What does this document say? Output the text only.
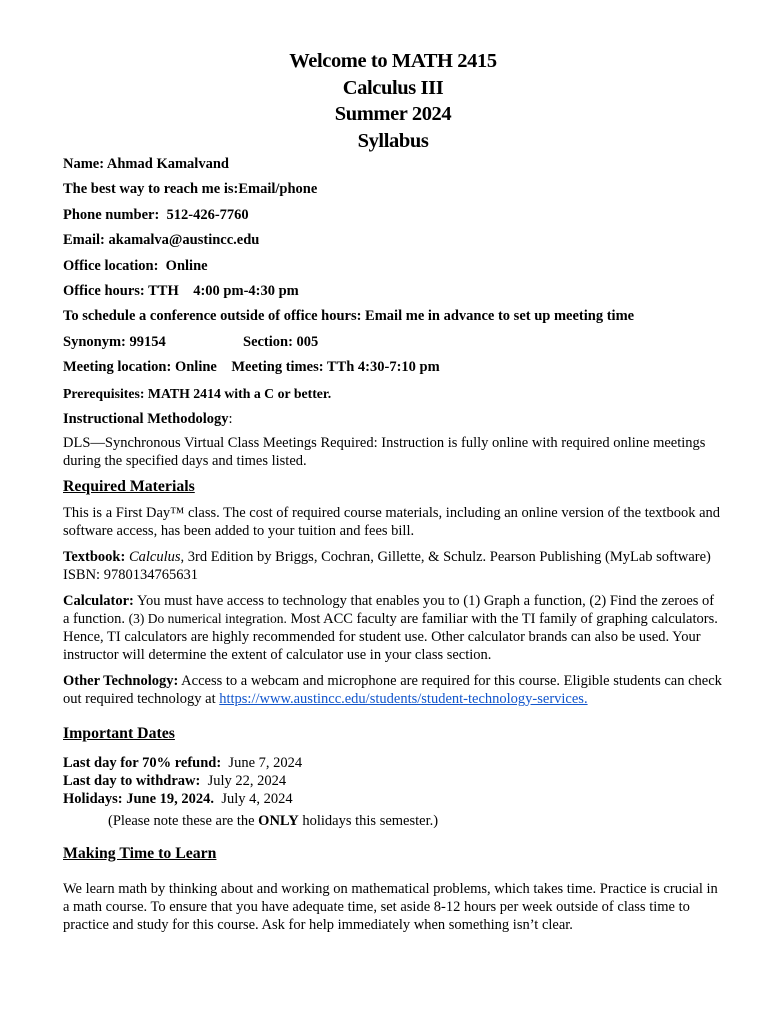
Welcome to MATH 2415
Calculus III
Summer 2024
Syllabus
Name: Ahmad Kamalvand
The best way to reach me is:Email/phone
Phone number:  512-426-7760
Email: akamalva@austincc.edu
Office location:  Online
Office hours: TTH    4:00 pm-4:30 pm
To schedule a conference outside of office hours: Email me in advance to set up meeting time
Synonym: 99154	Section: 005
Meeting location: Online Meeting times: TTh 4:30-7:10 pm
Prerequisites: MATH 2414 with a C or better.
Instructional Methodology:
DLS—Synchronous Virtual Class Meetings Required: Instruction is fully online with required online meetings during the specified days and times listed.
Required Materials
This is a First Day™ class. The cost of required course materials, including an online version of the textbook and software access, has been added to your tuition and fees bill.
Textbook: Calculus, 3rd Edition by Briggs, Cochran, Gillette, & Schulz. Pearson Publishing (MyLab software) ISBN: 9780134765631
Calculator: You must have access to technology that enables you to (1) Graph a function, (2) Find the zeroes of a function. (3) Do numerical integration. Most ACC faculty are familiar with the TI family of graphing calculators. Hence, TI calculators are highly recommended for student use. Other calculator brands can also be used. Your instructor will determine the extent of calculator use in your class section.
Other Technology: Access to a webcam and microphone are required for this course. Eligible students can check out required technology at https://www.austincc.edu/students/student-technology-services.
Important Dates
Last day for 70% refund:  June 7, 2024
Last day to withdraw:  July 22, 2024
Holidays: June 19, 2024.  July 4, 2024
(Please note these are the ONLY holidays this semester.)
Making Time to Learn
We learn math by thinking about and working on mathematical problems, which takes time. Practice is crucial in a math course. To ensure that you have adequate time, set aside 8-12 hours per week outside of class time to practice and study for this course. Ask for help immediately when something isn’t clear.
